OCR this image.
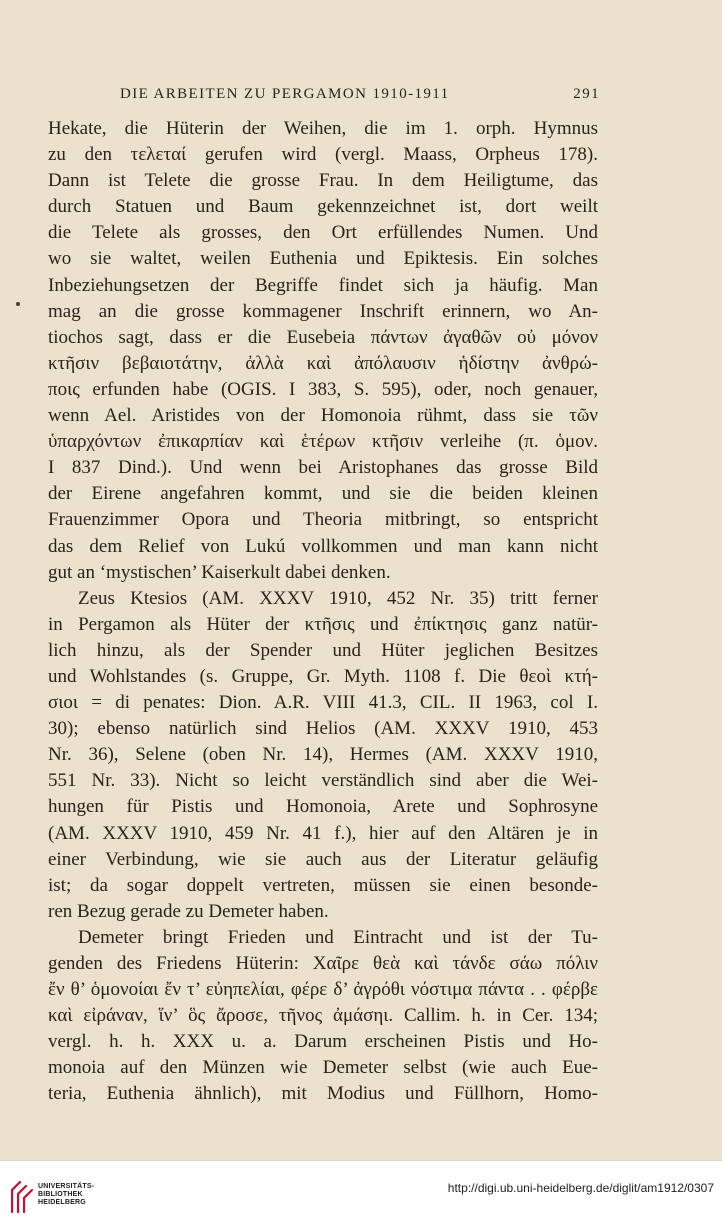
DIE ARBEITEN ZU PERGAMON 1910-1911	291
Hekate, die Hüterin der Weihen, die im 1. orph. Hymnus
zu den τελεταί gerufen wird (vergl. Maass, Orpheus 178).
Dann ist Telete die grosse Frau. In dem Heiligtume, das
durch Statuen und Baum gekennzeichnet ist, dort weilt
die Telete als grosses, den Ort erfüllendes Numen. Und
wo sie waltet, weilen Euthenia und Epiktesis. Ein solches
Inbeziehungsetzen der Begriffe findet sich ja häufig. Man
mag an die grosse kommagener Inschrift erinnern, wo An-
tiochos sagt, dass er die Eusebeia πάντων ἀγαθῶν οὐ μόνον
κτῆσιν βεβαιοτάτην, ἀλλὰ καὶ ἀπόλαυσιν ἡδίστην ἀνθρώ-
ποις erfunden habe (OGIS. I 383, S. 595), oder, noch genauer,
wenn Ael. Aristides von der Homonoia rühmt, dass sie τῶν
ὑπαρχόντων ἐπικαρπίαν καὶ ἑτέρων κτῆσιν verleihe (π. ὁμον.
I 837 Dind.). Und wenn bei Aristophanes das grosse Bild
der Eirene angefahren kommt, und sie die beiden kleinen
Frauenzimmer Opora und Theoria mitbringt, so entspricht
das dem Relief von Lukú vollkommen und man kann nicht
gut an ‘mystischen’ Kaiserkult dabei denken.
Zeus Ktesios (AM. XXXV 1910, 452 Nr. 35) tritt ferner
in Pergamon als Hüter der κτῆσις und ἐπίκτησις ganz natür-
lich hinzu, als der Spender und Hüter jeglichen Besitzes
und Wohlstandes (s. Gruppe, Gr. Myth. 1108 f. Die θεοὶ κτή-
σιοι = di penates: Dion. A.R. VIII 41.3, CIL. II 1963, col I.
30); ebenso natürlich sind Helios (AM. XXXV 1910, 453
Nr. 36), Selene (oben Nr. 14), Hermes (AM. XXXV 1910,
551 Nr. 33). Nicht so leicht verständlich sind aber die Wei-
hungen für Pistis und Homonoia, Arete und Sophrosyne
(AM. XXXV 1910, 459 Nr. 41 f.), hier auf den Altären je in
einer Verbindung, wie sie auch aus der Literatur geläufig
ist; da sogar doppelt vertreten, müssen sie einen besonde-
ren Bezug gerade zu Demeter haben.
Demeter bringt Frieden und Eintracht und ist der Tu-
genden des Friedens Hüterin: Χαῖρε θεὰ καὶ τάνδε σάω πόλιν
ἔν θ’ ὁμονοίαι ἔν τ’ εὐηπελίαι, φέρε δ’ ἀγρόθι νόστιμα πάντα . . φέρβε
καὶ εἰράναν, ἵν’ ὃς ἄροσε, τῆνος ἀμάσηι. Callim. h. in Cer. 134;
vergl. h. h. XXX u. a. Darum erscheinen Pistis und Ho-
monoia auf den Münzen wie Demeter selbst (wie auch Eue-
teria, Euthenia ähnlich), mit Modius und Füllhorn, Homo-
UNIVERSITÄTS-
BIBLIOTHEK
HEIDELBERG
http://digi.ub.uni-heidelberg.de/diglit/am1912/0307
